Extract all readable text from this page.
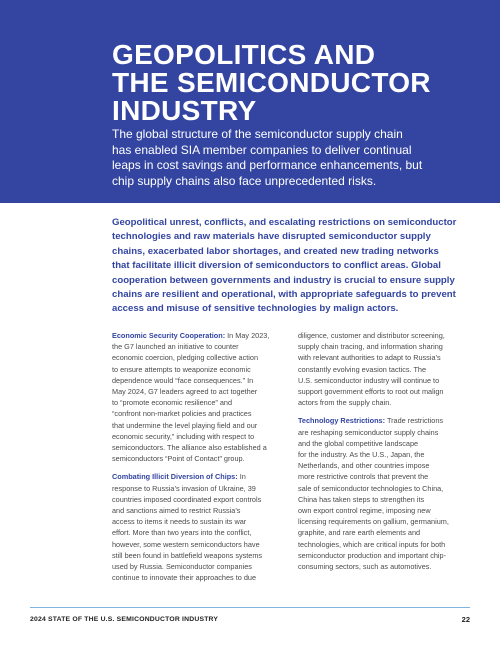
GEOPOLITICS AND
THE SEMICONDUCTOR
INDUSTRY
The global structure of the semiconductor supply chain
has enabled SIA member companies to deliver continual
leaps in cost savings and performance enhancements, but
chip supply chains also face unprecedented risks.
Geopolitical unrest, conflicts, and escalating restrictions on semiconductor
technologies and raw materials have disrupted semiconductor supply
chains, exacerbated labor shortages, and created new trading networks
that facilitate illicit diversion of semiconductors to conflict areas. Global
cooperation between governments and industry is crucial to ensure supply
chains are resilient and operational, with appropriate safeguards to prevent
access and misuse of sensitive technologies by malign actors.
Economic Security Cooperation: In May 2023,
the G7 launched an initiative to counter
economic coercion, pledging collective action
to ensure attempts to weaponize economic
dependence would “face consequences.” In
May 2024, G7 leaders agreed to act together
to “promote economic resilience” and
“confront non-market policies and practices
that undermine the level playing field and our
economic security,” including with respect to
semiconductors. The alliance also established a
semiconductors “Point of Contact” group.
Combating Illicit Diversion of Chips: In
response to Russia’s invasion of Ukraine, 39
countries imposed coordinated export controls
and sanctions aimed to restrict Russia’s
access to items it needs to sustain its war
effort. More than two years into the conflict,
however, some western semiconductors have
still been found in battlefield weapons systems
used by Russia. Semiconductor companies
continue to innovate their approaches to due
diligence, customer and distributor screening,
supply chain tracing, and information sharing
with relevant authorities to adapt to Russia’s
constantly evolving evasion tactics. The
U.S. semiconductor industry will continue to
support government efforts to root out malign
actors from the supply chain.
Technology Restrictions: Trade restrictions
are reshaping semiconductor supply chains
and the global competitive landscape
for the industry. As the U.S., Japan, the
Netherlands, and other countries impose
more restrictive controls that prevent the
sale of semiconductor technologies to China,
China has taken steps to strengthen its
own export control regime, imposing new
licensing requirements on gallium, germanium,
graphite, and rare earth elements and
technologies, which are critical inputs for both
semiconductor production and important chip-
consuming sectors, such as automotives.
2024 STATE OF THE U.S. SEMICONDUCTOR INDUSTRY	22
